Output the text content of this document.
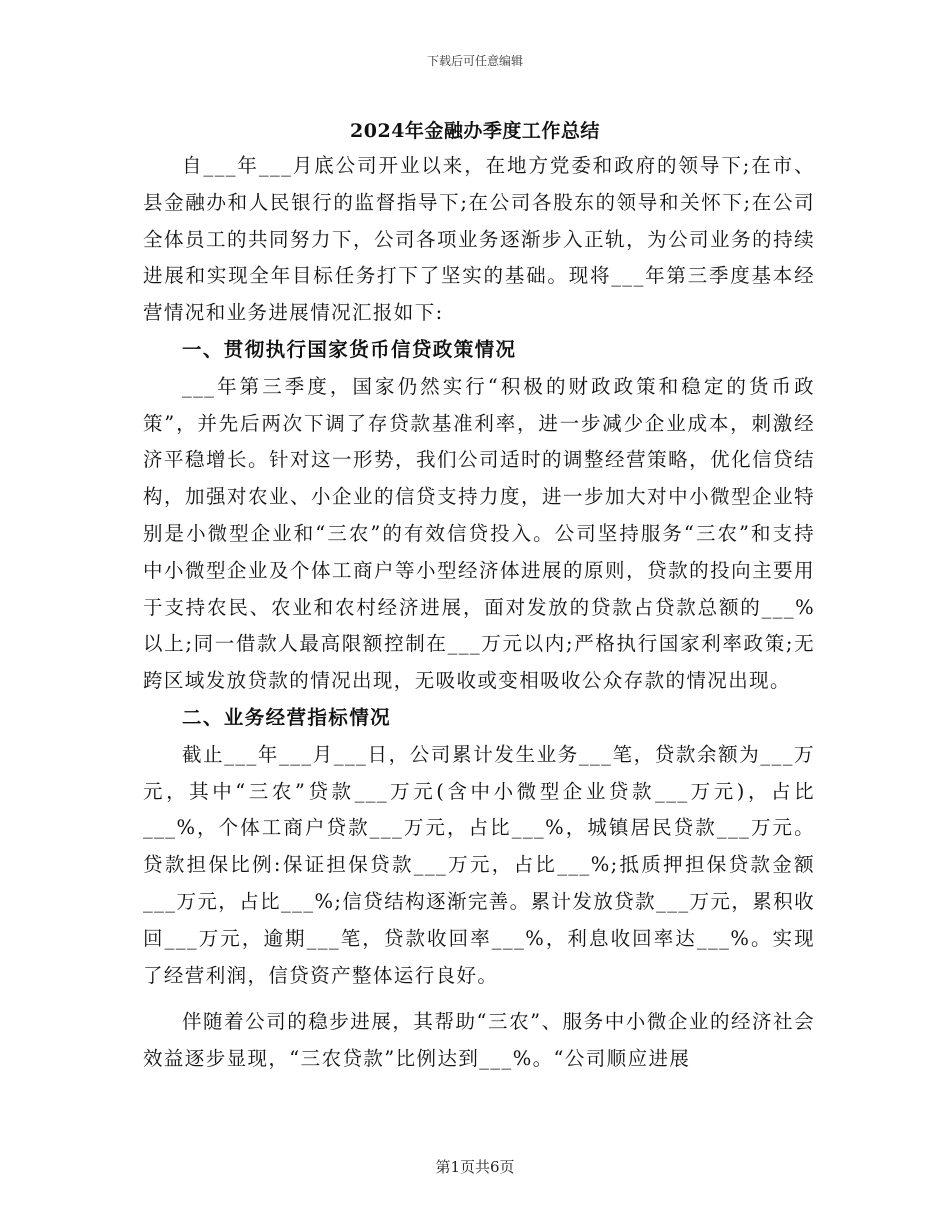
下载后可任意编辑
2024年金融办季度工作总结

自___年___月底公司开业以来，在地方党委和政府的领导下;在市、县金融办和人民银行的监督指导下;在公司各股东的领导和关怀下;在公司全体员工的共同努力下，公司各项业务逐渐步入正轨，为公司业务的持续进展和实现全年目标任务打下了坚实的基础。现将___年第三季度基本经营情况和业务进展情况汇报如下:

一、贯彻执行国家货币信贷政策情况

___年第三季度，国家仍然实行“积极的财政政策和稳定的货币政策”，并先后两次下调了存贷款基准利率，进一步减少企业成本，刺激经济平稳增长。针对这一形势，我们公司适时的调整经营策略，优化信贷结构，加强对农业、小企业的信贷支持力度，进一步加大对中小微型企业特别是小微型企业和“三农”的有效信贷投入。公司坚持服务“三农”和支持中小微型企业及个体工商户等小型经济体进展的原则，贷款的投向主要用于支持农民、农业和农村经济进展，面对发放的贷款占贷款总额的___%以上;同一借款人最高限额控制在___万元以内;严格执行国家利率政策;无跨区域发放贷款的情况出现，无吸收或变相吸收公众存款的情况出现。

二、业务经营指标情况

截止___年___月___日，公司累计发生业务___笔，贷款余额为___万元，其中“三农”贷款___万元(含中小微型企业贷款___万元)，占比___%，个体工商户贷款___万元，占比___%，城镇居民贷款___万元。贷款担保比例:保证担保贷款___万元，占比___%;抵质押担保贷款金额___万元，占比___%;信贷结构逐渐完善。累计发放贷款___万元，累积收回___万元，逾期___笔，贷款收回率___%，利息收回率达___%。实现了经营利润，信贷资产整体运行良好。

伴随着公司的稳步进展，其帮助“三农”、服务中小微企业的经济社会效益逐步显现，“三农贷款”比例达到___%。“公司顺应进展

第1页共6页
